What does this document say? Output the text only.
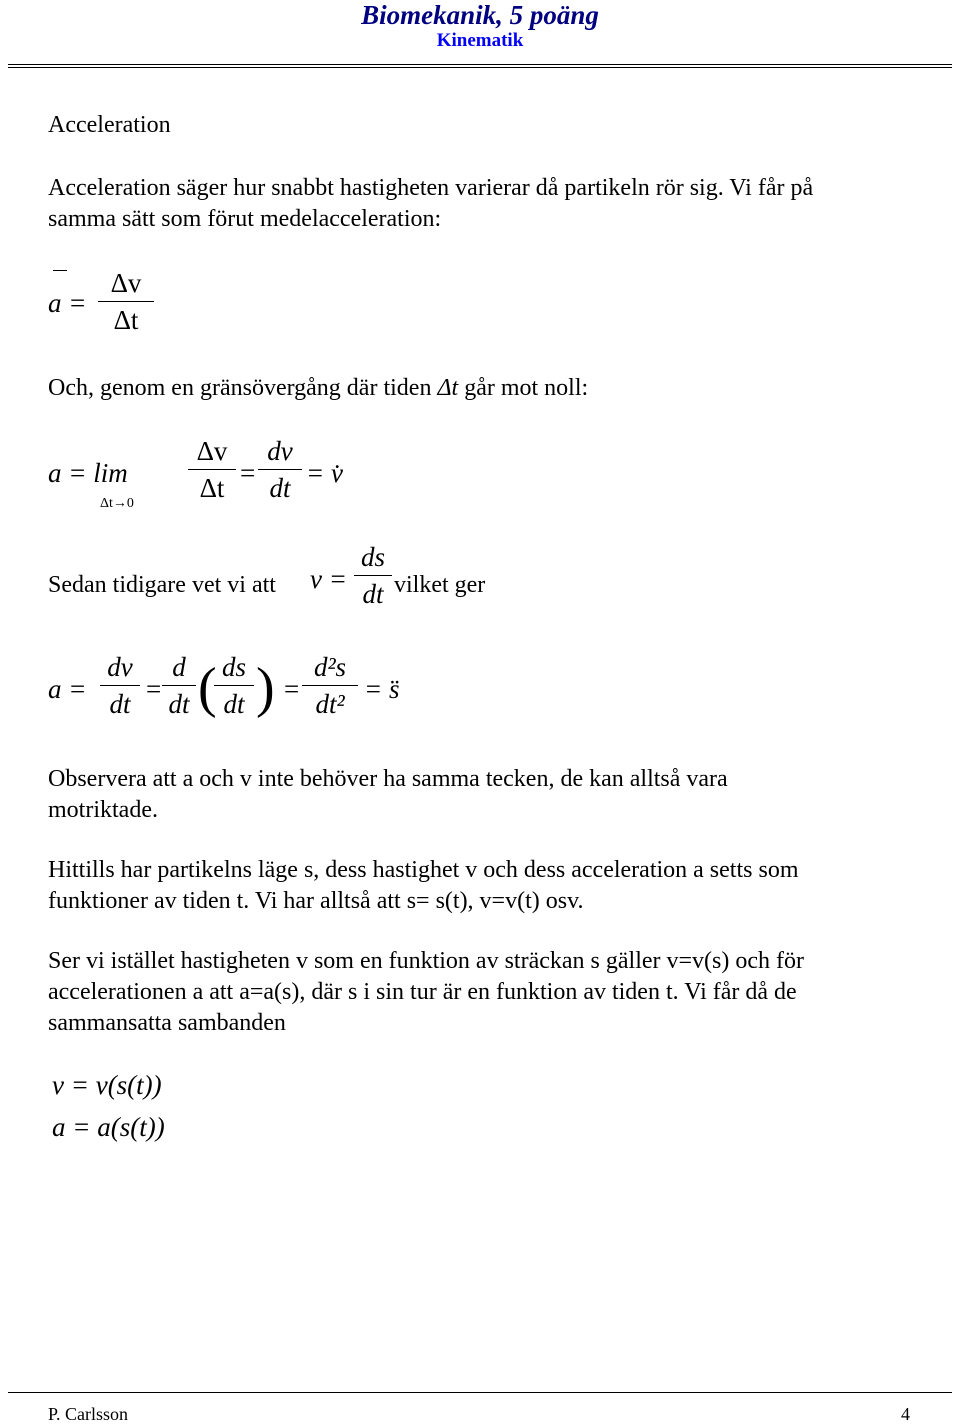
Biomekanik, 5 poäng
Kinematik
Acceleration
Acceleration säger hur snabbt hastigheten varierar då partikeln rör sig. Vi får på
samma sätt som förut medelacceleration:
a =
Δv
Δt
Och, genom en gränsövergång där tiden Δt går mot noll:
a = lim
Δt→0
Δv
Δt =
dv
dt = v̇
Sedan tidigare vet vi att v =
ds
dt vilket ger
a =
dv
dt =
d
dt ( ds
dt ) =
d²s
dt² = s̈
Observera att a och v inte behöver ha samma tecken, de kan alltså vara
motriktade.
Hittills har partikelns läge s, dess hastighet v och dess acceleration a setts som
funktioner av tiden t. Vi har alltså att s= s(t), v=v(t) osv.
Ser vi istället hastigheten v som en funktion av sträckan s gäller v=v(s) och för
accelerationen a att a=a(s), där s i sin tur är en funktion av tiden t. Vi får då de
sammansatta sambanden
v = v(s(t))
a = a(s(t))
P. Carlsson	4
